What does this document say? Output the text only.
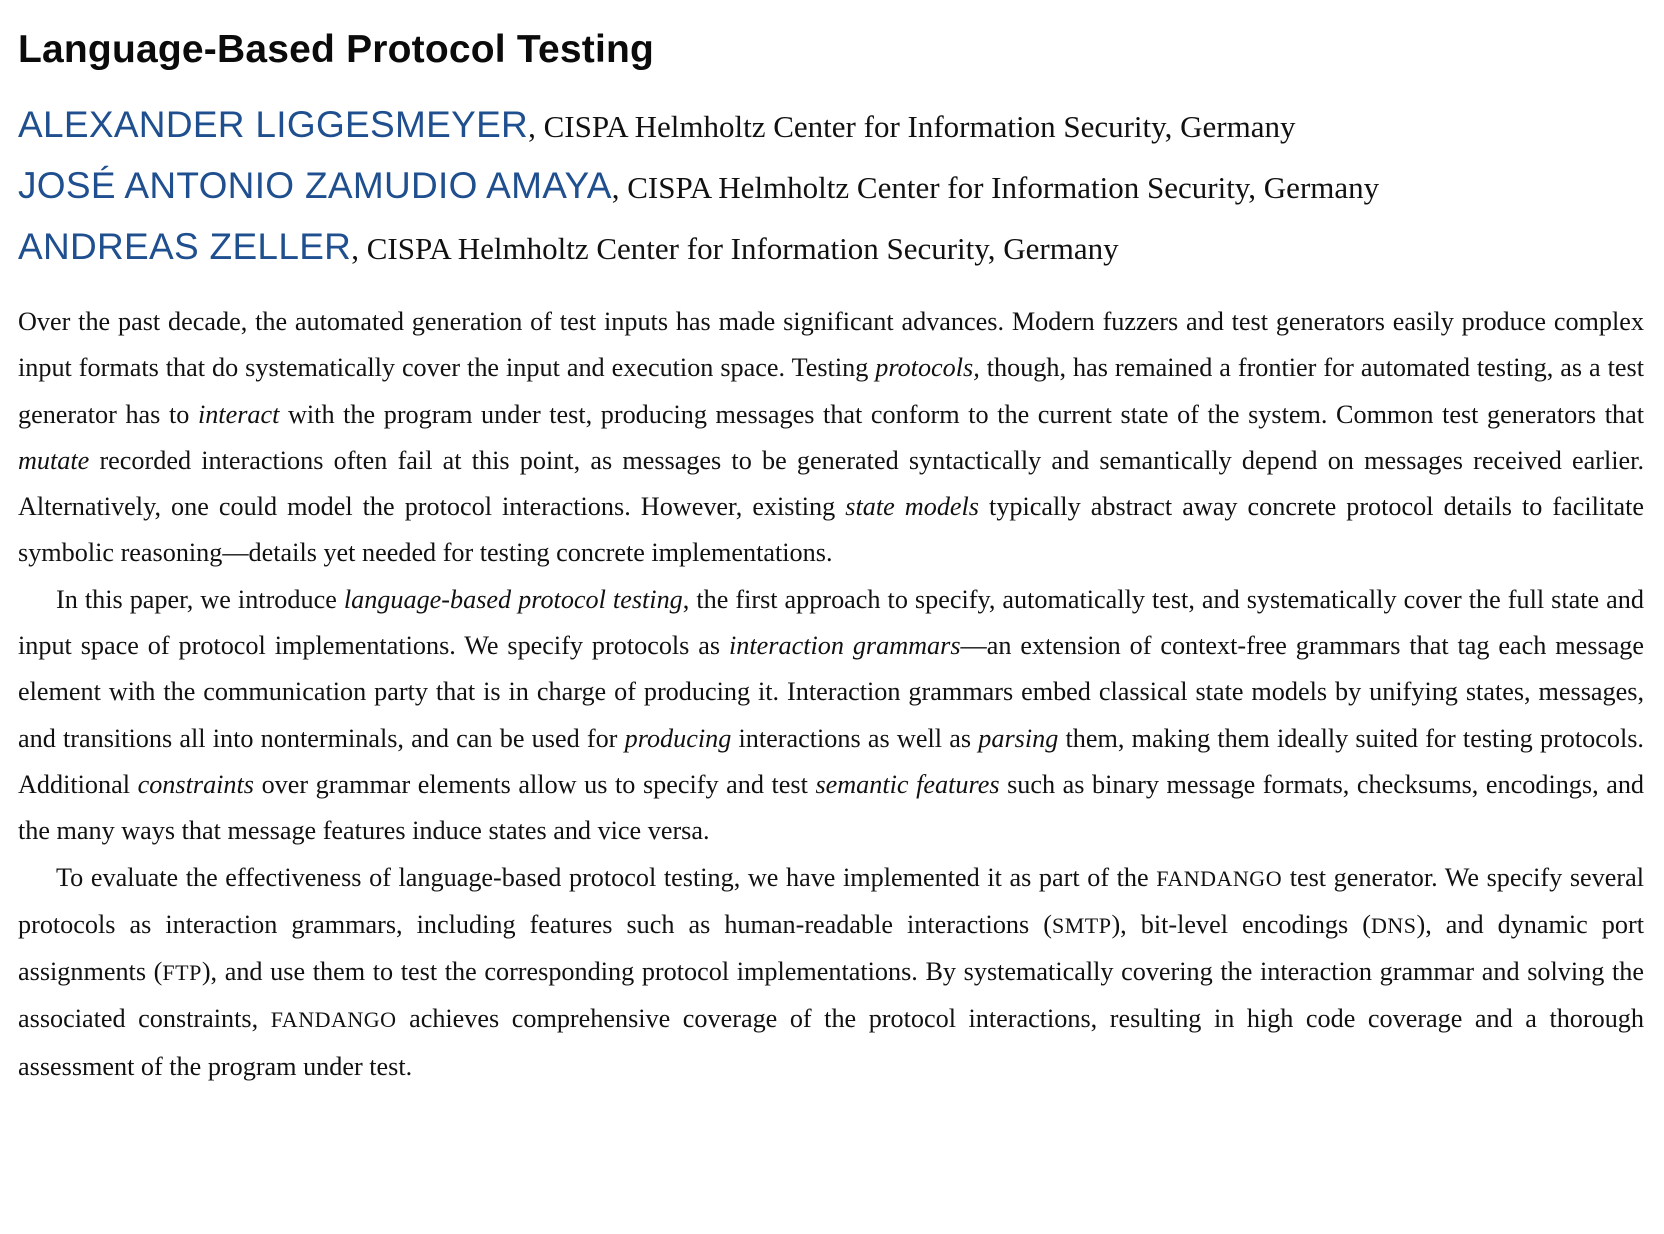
Language-Based Protocol Testing
ALEXANDER LIGGESMEYER, CISPA Helmholtz Center for Information Security, Germany
JOSÉ ANTONIO ZAMUDIO AMAYA, CISPA Helmholtz Center for Information Security, Germany
ANDREAS ZELLER, CISPA Helmholtz Center for Information Security, Germany

Over the past decade, the automated generation of test inputs has made significant advances. Modern fuzzers and test generators easily produce complex input formats that do systematically cover the input and execution space. Testing protocols, though, has remained a frontier for automated testing, as a test generator has to interact with the program under test, producing messages that conform to the current state of the system. Common test generators that mutate recorded interactions often fail at this point, as messages to be generated syntactically and semantically depend on messages received earlier. Alternatively, one could model the protocol interactions. However, existing state models typically abstract away concrete protocol details to facilitate symbolic reasoning—details yet needed for testing concrete implementations.

In this paper, we introduce language-based protocol testing, the first approach to specify, automatically test, and systematically cover the full state and input space of protocol implementations. We specify protocols as interaction grammars—an extension of context-free grammars that tag each message element with the communication party that is in charge of producing it. Interaction grammars embed classical state models by unifying states, messages, and transitions all into nonterminals, and can be used for producing interactions as well as parsing them, making them ideally suited for testing protocols. Additional constraints over grammar elements allow us to specify and test semantic features such as binary message formats, checksums, encodings, and the many ways that message features induce states and vice versa.

To evaluate the effectiveness of language-based protocol testing, we have implemented it as part of the FANDANGO test generator. We specify several protocols as interaction grammars, including features such as human-readable interactions (SMTP), bit-level encodings (DNS), and dynamic port assignments (FTP), and use them to test the corresponding protocol implementations. By systematically covering the interaction grammar and solving the associated constraints, FANDANGO achieves comprehensive coverage of the protocol interactions, resulting in high code coverage and a thorough assessment of the program under test.
